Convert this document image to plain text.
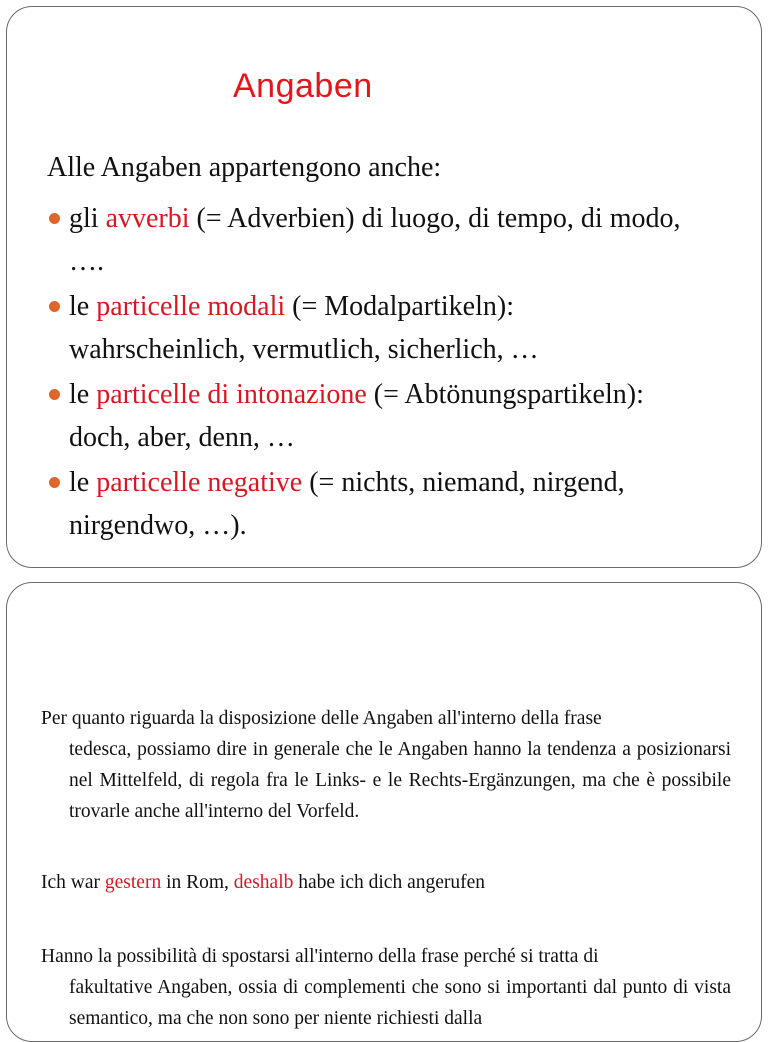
Angaben
Alle Angaben appartengono anche:
gli avverbi (= Adverbien) di luogo, di tempo, di modo,
….
le particelle modali (= Modalpartikeln):
wahrscheinlich, vermutlich, sicherlich, …
le particelle di intonazione (= Abtönungspartikeln):
doch, aber, denn, …
le particelle negative (= nichts, niemand, nirgend,
nirgendwo, …).
Per quanto riguarda la disposizione delle Angaben all'interno della frase
tedesca, possiamo dire in generale che le Angaben hanno la tendenza a posizionarsi nel Mittelfeld, di regola fra le Links- e le Rechts-Ergänzungen, ma che è possibile trovarle anche all'interno del Vorfeld.
Ich war gestern in Rom, deshalb habe ich dich angerufen
Hanno la possibilità di spostarsi all'interno della frase perché si tratta di
fakultative Angaben, ossia di complementi che sono si importanti dal punto di vista semantico, ma che non sono per niente richiesti dalla
